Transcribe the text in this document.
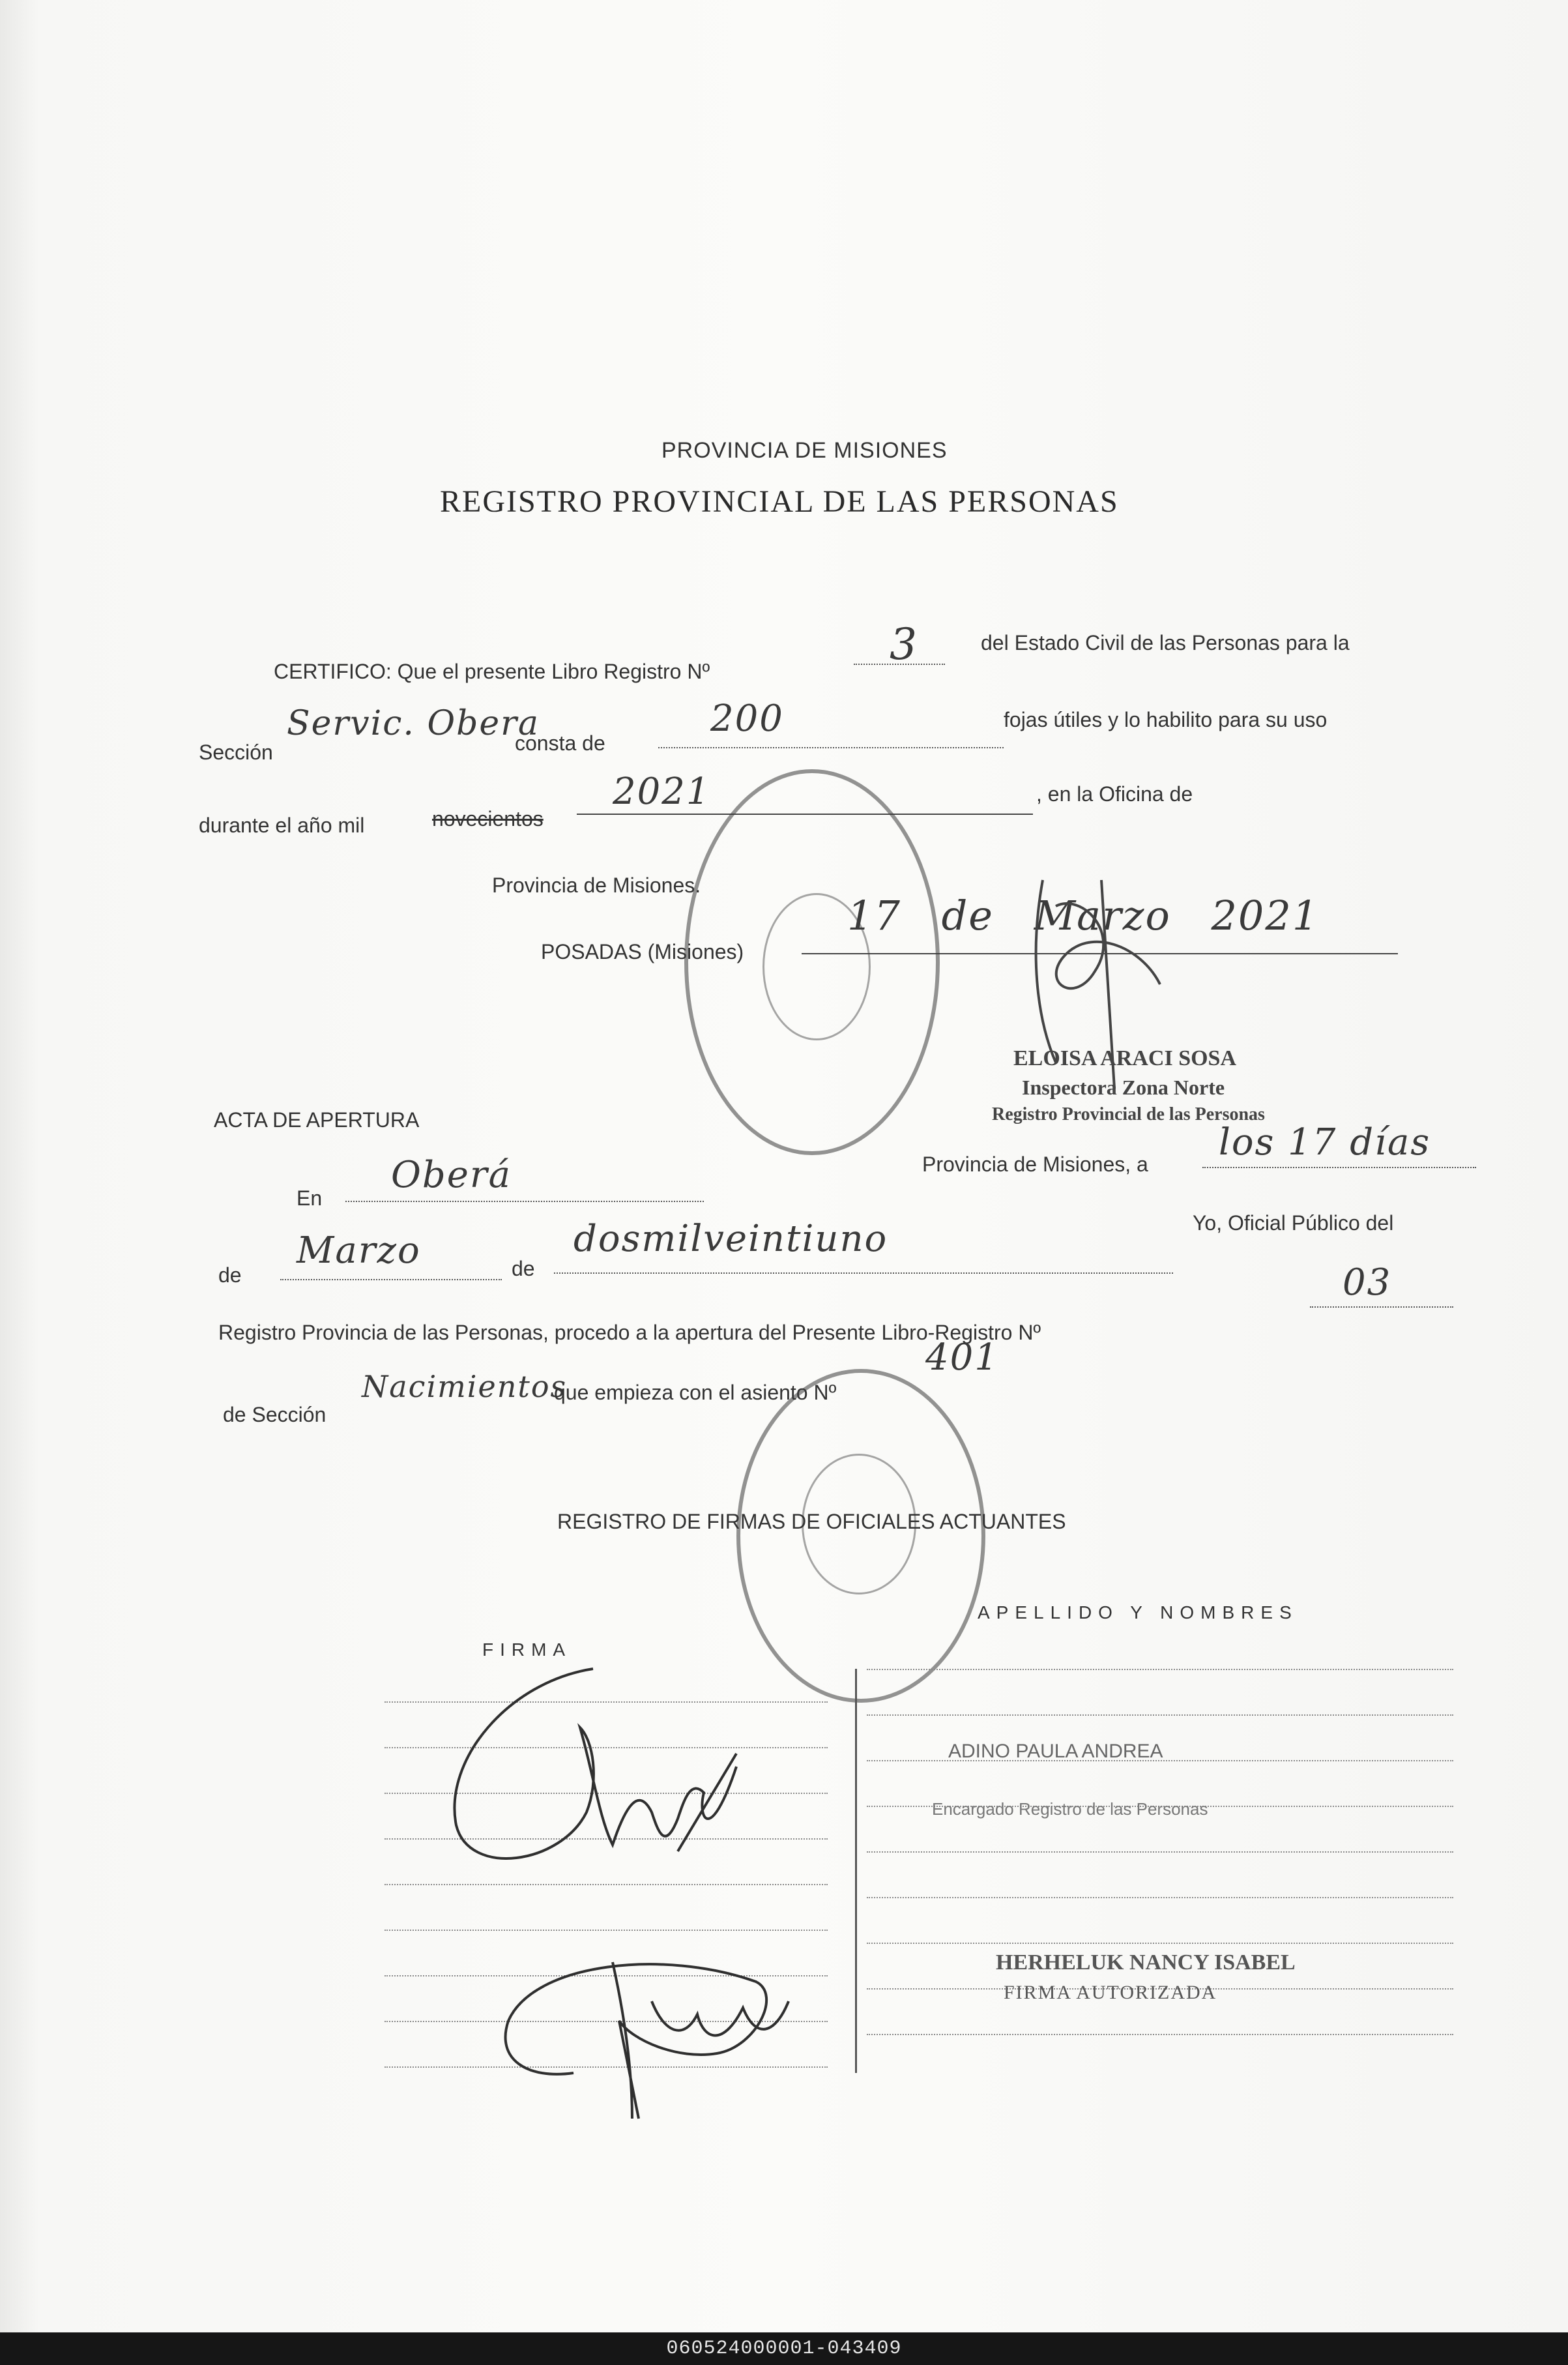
PROVINCIA DE MISIONES
REGISTRO PROVINCIAL DE LAS PERSONAS
CERTIFICO: Que el presente Libro Registro Nº
3	del Estado Civil de las Personas para la
Sección
Servic. Obera
consta de
200	fojas útiles y lo habilito para su uso
durante el año mil	novecientos
2021	, en la Oficina de
Provincia de Misiones.
POSADAS (Misiones)
17 de Marzo 2021
ELOISA ARACI SOSA
Inspectora Zona Norte
Registro Provincial de las Personas
ACTA DE APERTURA
En
Oberá	Provincia de Misiones, a
los 17 días
de
Marzo	de
dosmilveintiuno	Yo, Oficial Público del
Registro Provincia de las Personas, procedo a la apertura del Presente Libro-Registro Nº
03
de Sección
Nacimientos
que empieza con el asiento Nº
401
REGISTRO DE FIRMAS DE OFICIALES ACTUANTES
FIRMA
APELLIDO Y NOMBRES
ADINO PAULA ANDREA
Encargado Registro de las Personas
HERHELUK NANCY ISABEL
FIRMA AUTORIZADA
060524000001-043409
